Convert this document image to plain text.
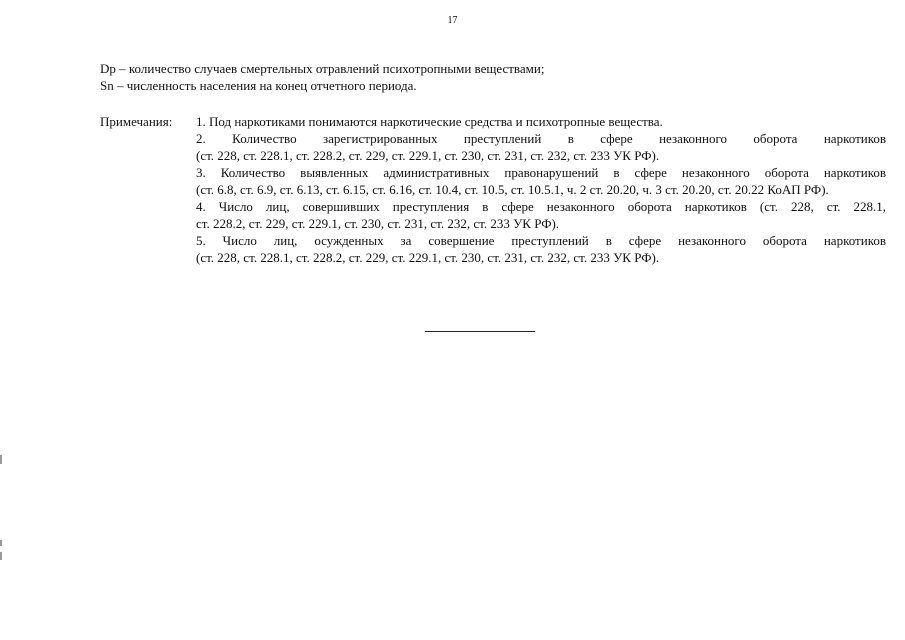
17
Dp – количество случаев смертельных отравлений психотропными веществами;
Sn – численность населения на конец отчетного периода.
Примечания: 1. Под наркотиками понимаются наркотические средства и психотропные вещества.
2. Количество зарегистрированных преступлений в сфере незаконного оборота наркотиков
(ст. 228, ст. 228.1, ст. 228.2, ст. 229, ст. 229.1, ст. 230, ст. 231, ст. 232, ст. 233 УК РФ).
3. Количество выявленных административных правонарушений в сфере незаконного оборота наркотиков
(ст. 6.8, ст. 6.9, ст. 6.13, ст. 6.15, ст. 6.16, ст. 10.4, ст. 10.5, ст. 10.5.1, ч. 2 ст. 20.20, ч. 3 ст. 20.20, ст. 20.22 КоАП РФ).
4. Число лиц, совершивших преступления в сфере незаконного оборота наркотиков (ст. 228, ст. 228.1,
ст. 228.2, ст. 229, ст. 229.1, ст. 230, ст. 231, ст. 232, ст. 233 УК РФ).
5. Число лиц, осужденных за совершение преступлений в сфере незаконного оборота наркотиков
(ст. 228, ст. 228.1, ст. 228.2, ст. 229, ст. 229.1, ст. 230, ст. 231, ст. 232, ст. 233 УК РФ).
